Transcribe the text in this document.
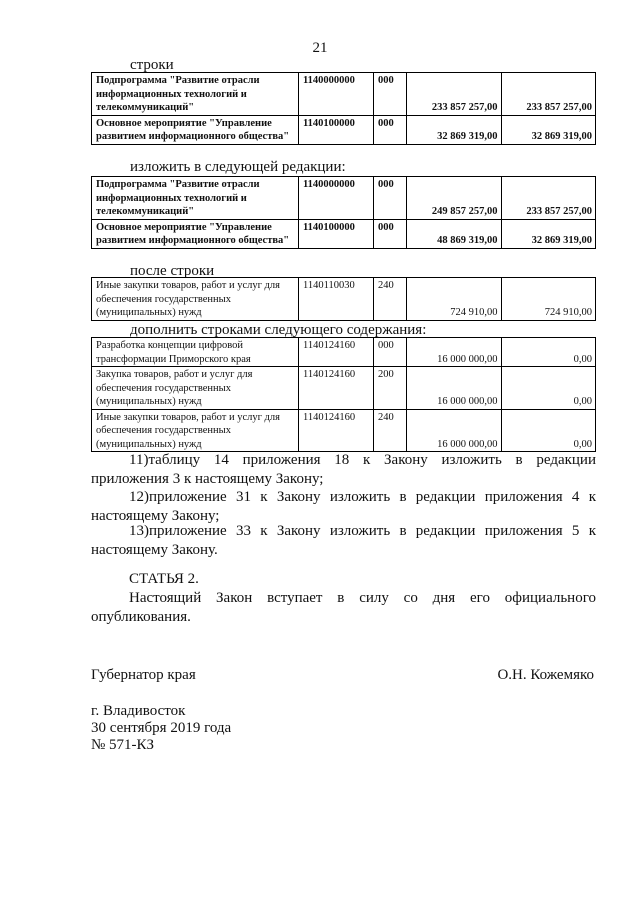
21
строки
Подпрограмма "Развитие отрасли информационных технологий и телекоммуникаций"	1140000000	000	233 857 257,00	233 857 257,00
Основное мероприятие "Управление развитием информационного общества"	1140100000	000	32 869 319,00	32 869 319,00
изложить в следующей редакции:
Подпрограмма "Развитие отрасли информационных технологий и телекоммуникаций"	1140000000	000	249 857 257,00	233 857 257,00
Основное мероприятие "Управление развитием информационного общества"	1140100000	000	48 869 319,00	32 869 319,00
после строки
Иные закупки товаров, работ и услуг для обеспечения государственных (муниципальных) нужд	1140110030	240	724 910,00	724 910,00
дополнить строками следующего содержания:
Разработка концепции цифровой трансформации Приморского края	1140124160	000	16 000 000,00	0,00
Закупка товаров, работ и услуг для обеспечения государственных (муниципальных) нужд	1140124160	200	16 000 000,00	0,00
Иные закупки товаров, работ и услуг для обеспечения государственных (муниципальных) нужд	1140124160	240	16 000 000,00	0,00
11)таблицу 14 приложения 18 к Закону изложить в редакции приложения 3 к настоящему Закону;
12)приложение 31 к Закону изложить в редакции приложения 4 к настоящему Закону;
13)приложение 33 к Закону изложить в редакции приложения 5 к настоящему Закону.
СТАТЬЯ 2.
Настоящий Закон вступает в силу со дня его официального опубликования.
Губернатор края	О.Н. Кожемяко
г. Владивосток
30 сентября 2019 года
№ 571-КЗ
